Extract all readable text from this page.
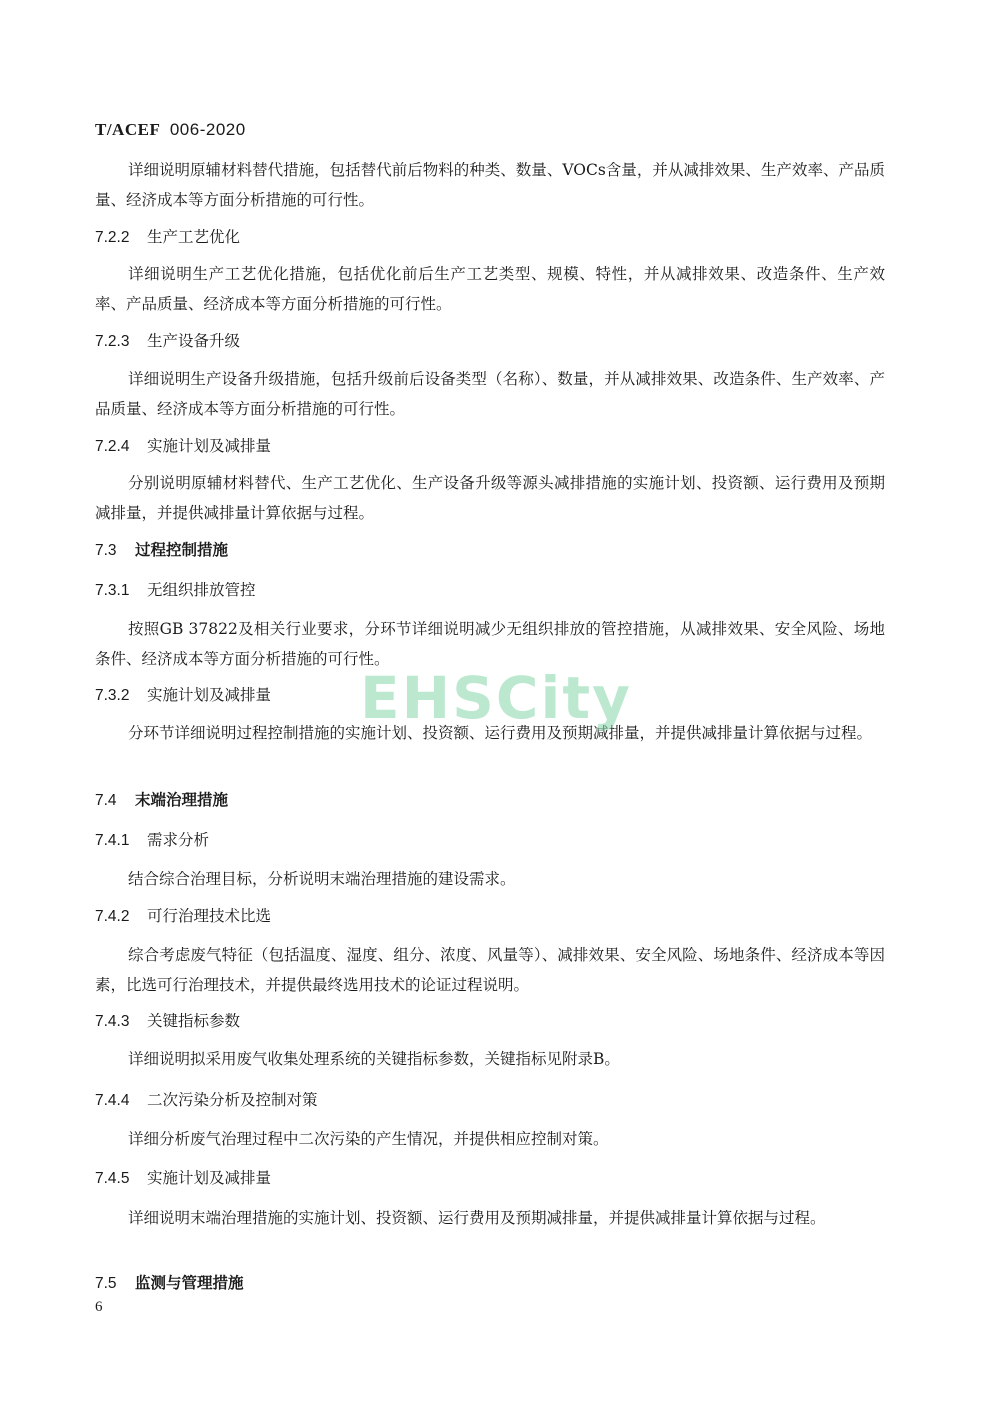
T/ACEF 006-2020

详细说明原辅材料替代措施，包括替代前后物料的种类、数量、VOCs含量，并从减排效果、生产效率、产品质量、经济成本等方面分析措施的可行性。

7.2.2 生产工艺优化

详细说明生产工艺优化措施，包括优化前后生产工艺类型、规模、特性，并从减排效果、改造条件、生产效率、产品质量、经济成本等方面分析措施的可行性。

7.2.3 生产设备升级

详细说明生产设备升级措施，包括升级前后设备类型（名称）、数量，并从减排效果、改造条件、生产效率、产品质量、经济成本等方面分析措施的可行性。

7.2.4 实施计划及减排量

分别说明原辅材料替代、生产工艺优化、生产设备升级等源头减排措施的实施计划、投资额、运行费用及预期减排量，并提供减排量计算依据与过程。

7.3 过程控制措施

7.3.1 无组织排放管控

按照GB 37822及相关行业要求，分环节详细说明减少无组织排放的管控措施，从减排效果、安全风险、场地条件、经济成本等方面分析措施的可行性。

7.3.2 实施计划及减排量

分环节详细说明过程控制措施的实施计划、投资额、运行费用及预期减排量，并提供减排量计算依据与过程。

7.4 末端治理措施

7.4.1 需求分析

结合综合治理目标，分析说明末端治理措施的建设需求。

7.4.2 可行治理技术比选

综合考虑废气特征（包括温度、湿度、组分、浓度、风量等）、减排效果、安全风险、场地条件、经济成本等因素，比选可行治理技术，并提供最终选用技术的论证过程说明。

7.4.3 关键指标参数

详细说明拟采用废气收集处理系统的关键指标参数，关键指标见附录B。

7.4.4 二次污染分析及控制对策

详细分析废气治理过程中二次污染的产生情况，并提供相应控制对策。

7.4.5 实施计划及减排量

详细说明末端治理措施的实施计划、投资额、运行费用及预期减排量，并提供减排量计算依据与过程。

7.5 监测与管理措施

6
EHSCity
